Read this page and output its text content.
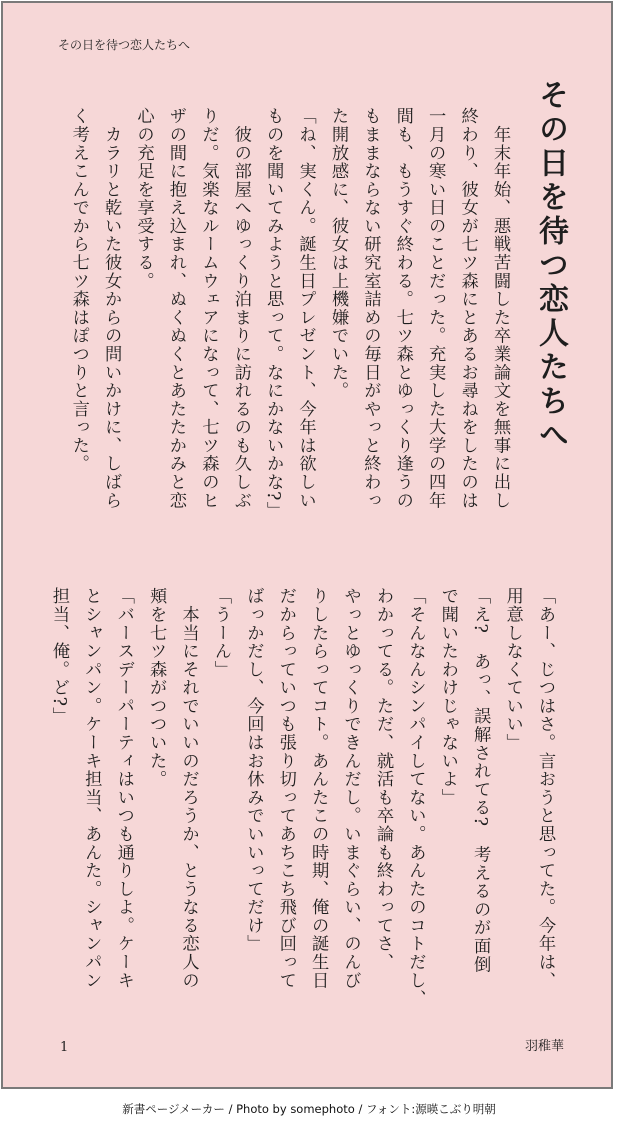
その日を待つ恋人たちへ
その日を待つ恋人たちへ
　年末年始、悪戦苦闘した卒業論文を無事に出し
終わり、彼女が七ツ森にとあるお尋ねをしたのは
一月の寒い日のことだった。充実した大学の四年
間も、もうすぐ終わる。七ツ森とゆっくり逢うの
もままならない研究室詰めの毎日がやっと終わっ
た開放感に、彼女は上機嫌でいた。
「ね、実くん。誕生日プレゼント、今年は欲しい
ものを聞いてみようと思って。なにかないかな?」
　彼の部屋へゆっくり泊まりに訪れるのも久しぶ
りだ。気楽なルームウェアになって、七ツ森のヒ
ザの間に抱え込まれ、ぬくぬくとあたたかみと恋
心の充足を享受する。
　カラリと乾いた彼女からの問いかけに、しばら
く考えこんでから七ツ森はぽつりと言った。
「あー、じつはさ。言おうと思ってた。今年は、
用意しなくていい」
「え?　あっ、誤解されてる?　考えるのが面倒
で聞いたわけじゃないよ」
「そんなんシンパイしてない。あんたのコトだし、
わかってる。ただ、就活も卒論も終わってさ、
やっとゆっくりできんだし。いまぐらい、のんび
りしたらってコト。あんたこの時期、俺の誕生日
だからっていつも張り切ってあちこち飛び回って
ばっかだし、今回はお休みでいいってだけ」
「うーん」
　本当にそれでいいのだろうか、とうなる恋人の
頬を七ツ森がつついた。
「バースデーパーティはいつも通りしよ。ケーキ
とシャンパン。ケーキ担当、あんた。シャンパン
担当、俺。ど?」
1	羽稚華
新書ページメーカー / Photo by somephoto / フォント:源暎こぶり明朝
